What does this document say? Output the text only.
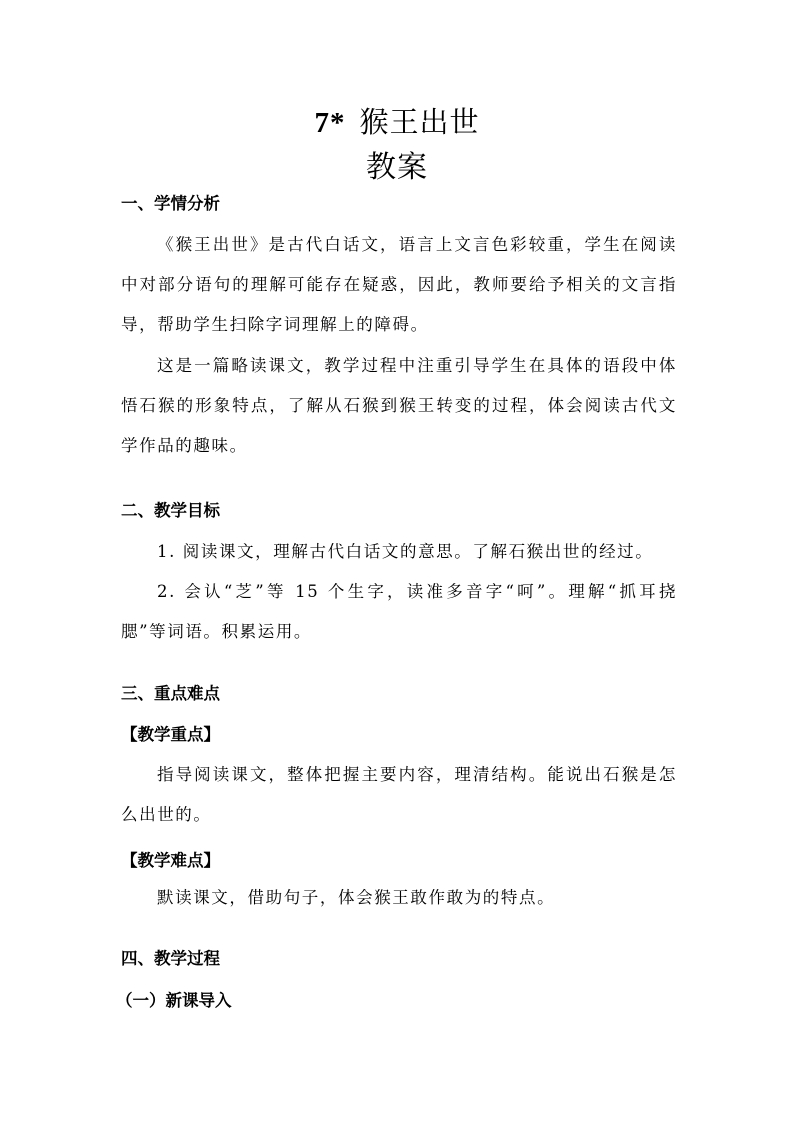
7* 猴王出世
教案
一、学情分析

《猴王出世》是古代白话文，语言上文言色彩较重，学生在阅读中对部分语句的理解可能存在疑惑，因此，教师要给予相关的文言指导，帮助学生扫除字词理解上的障碍。

这是一篇略读课文，教学过程中注重引导学生在具体的语段中体悟石猴的形象特点，了解从石猴到猴王转变的过程，体会阅读古代文学作品的趣味。

二、教学目标

1. 阅读课文，理解古代白话文的意思。了解石猴出世的经过。

2. 会认“芝”等 15 个生字，读准多音字“呵”。理解“抓耳挠腮”等词语。积累运用。

三、重点难点
【教学重点】

指导阅读课文，整体把握主要内容，理清结构。能说出石猴是怎么出世的。

【教学难点】

默读课文，借助句子，体会猴王敢作敢为的特点。

四、教学过程
（一）新课导入
